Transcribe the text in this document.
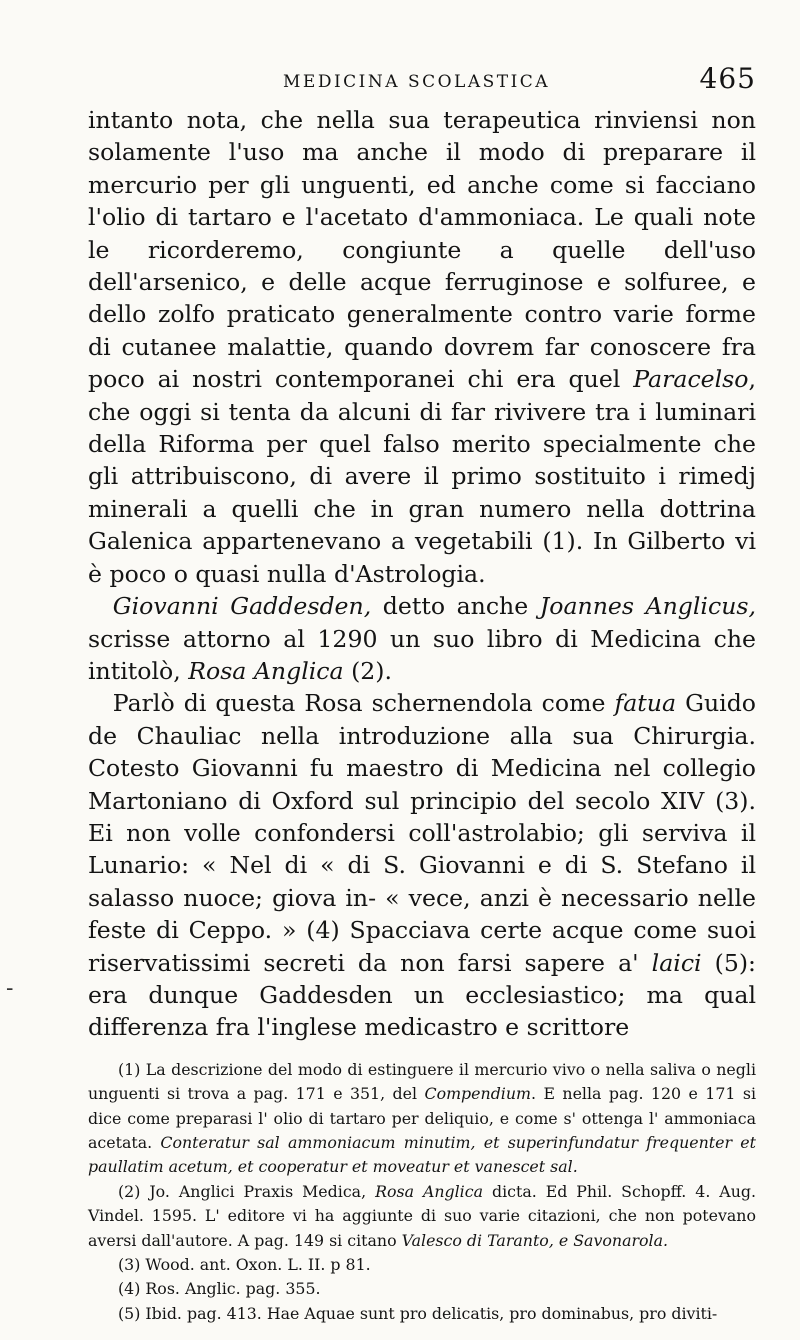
MEDICINA SCOLASTICA	465

intanto nota, che nella sua terapeutica rinviensi non solamente l'uso ma anche il modo di preparare il mercurio per gli unguenti, ed anche come si facciano l'olio di tartaro e l'acetato d'ammoniaca. Le quali note le ricorderemo, congiunte a quelle dell'uso dell'arsenico, e delle acque ferruginose e solfuree, e dello zolfo praticato generalmente contro varie forme di cutanee malattie, quando dovrem far conoscere fra poco ai nostri contemporanei chi era quel Paracelso, che oggi si tenta da alcuni di far rivivere tra i luminari della Riforma per quel falso merito specialmente che gli attribuiscono, di avere il primo sostituito i rimedj minerali a quelli che in gran numero nella dottrina Galenica appartenevano a vegetabili (1). In Gilberto vi è poco o quasi nulla d'Astrologia.

Giovanni Gaddesden, detto anche Joannes Anglicus, scrisse attorno al 1290 un suo libro di Medicina che intitolò, Rosa Anglica (2).

Parlò di questa Rosa schernendola come fatua Guido de Chauliac nella introduzione alla sua Chirurgia. Cotesto Giovanni fu maestro di Medicina nel collegio Martoniano di Oxford sul principio del secolo XIV (3). Ei non volle confondersi coll'astrolabio; gli serviva il Lunario: « Nel di « di S. Giovanni e di S. Stefano il salasso nuoce; giova in- « vece, anzi è necessario nelle feste di Ceppo. » (4) Spacciava certe acque come suoi riservatissimi secreti da non farsi sapere a' laici (5): era dunque Gaddesden un ecclesiastico; ma qual differenza fra l'inglese medicastro e scrittore

(1) La descrizione del modo di estinguere il mercurio vivo o nella saliva o negli unguenti si trova a pag. 171 e 351, del Compendium. E nella pag. 120 e 171 si dice come preparasi l' olio di tartaro per deliquio, e come s' ottenga l' ammoniaca acetata. Conteratur sal ammoniacum minutim, et superinfundatur frequenter et paullatim acetum, et cooperatur et moveatur et vanescet sal.

(2) Jo. Anglici Praxis Medica, Rosa Anglica dicta. Ed Phil. Schopff. 4. Aug. Vindel. 1595. L' editore vi ha aggiunte di suo varie citazioni, che non potevano aversi dall'autore. A pag. 149 si citano Valesco di Taranto, e Savonarola.

(3) Wood. ant. Oxon. L. II. p 81.

(4) Ros. Anglic. pag. 355.

(5) Ibid. pag. 413. Hae Aquae sunt pro delicatis, pro dominabus, pro diviti-

-
